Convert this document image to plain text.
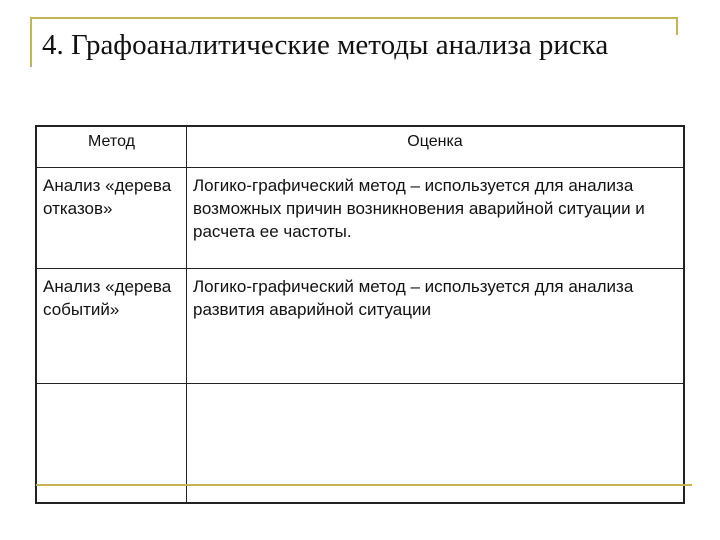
4. Графоаналитические методы анализа риска
Метод	Оценка
Анализ «дерева отказов»	Логико-графический метод – используется для анализа возможных причин возникновения аварийной ситуации и расчета ее частоты.
Анализ «дерева событий»	Логико-графический метод – используется для анализа развития аварийной ситуации
